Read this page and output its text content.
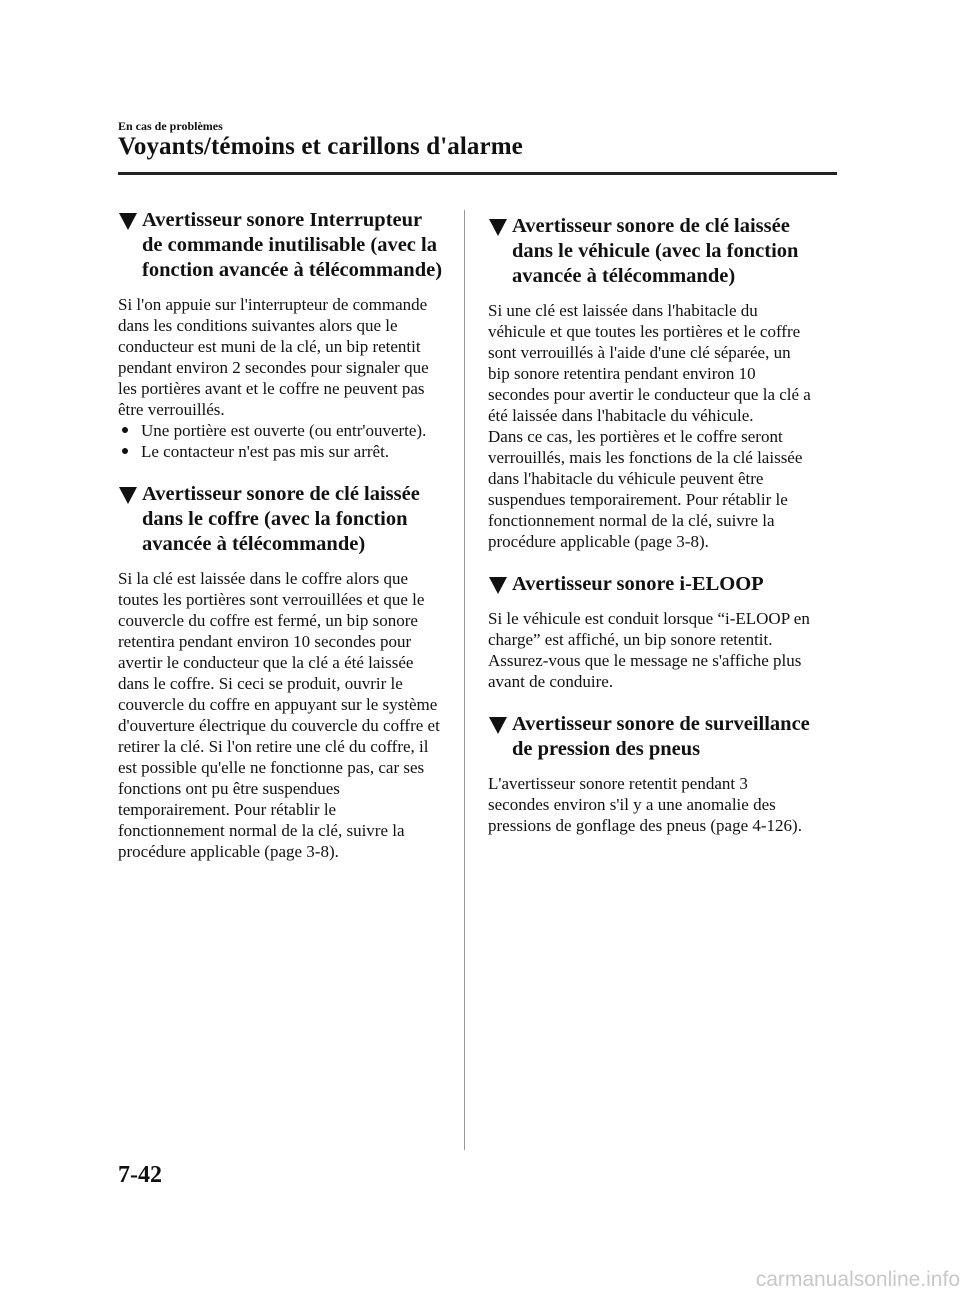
En cas de problèmes
Voyants/témoins et carillons d'alarme
Avertisseur sonore Interrupteur de commande inutilisable (avec la fonction avancée à télécommande)

Si l'on appuie sur l'interrupteur de commande dans les conditions suivantes alors que le conducteur est muni de la clé, un bip retentit pendant environ 2 secondes pour signaler que les portières avant et le coffre ne peuvent pas être verrouillés.

Une portière est ouverte (ou entr'ouverte).
Le contacteur n'est pas mis sur arrêt.
Avertisseur sonore de clé laissée dans le coffre (avec la fonction avancée à télécommande)

Si la clé est laissée dans le coffre alors que toutes les portières sont verrouillées et que le couvercle du coffre est fermé, un bip sonore retentira pendant environ 10 secondes pour avertir le conducteur que la clé a été laissée dans le coffre. Si ceci se produit, ouvrir le couvercle du coffre en appuyant sur le système d'ouverture électrique du couvercle du coffre et retirer la clé. Si l'on retire une clé du coffre, il est possible qu'elle ne fonctionne pas, car ses fonctions ont pu être suspendues temporairement. Pour rétablir le fonctionnement normal de la clé, suivre la procédure applicable (page 3-8).

Avertisseur sonore de clé laissée dans le véhicule (avec la fonction avancée à télécommande)

Si une clé est laissée dans l'habitacle du véhicule et que toutes les portières et le coffre sont verrouillés à l'aide d'une clé séparée, un bip sonore retentira pendant environ 10 secondes pour avertir le conducteur que la clé a été laissée dans l'habitacle du véhicule.

Dans ce cas, les portières et le coffre seront verrouillés, mais les fonctions de la clé laissée dans l'habitacle du véhicule peuvent être suspendues temporairement. Pour rétablir le fonctionnement normal de la clé, suivre la procédure applicable (page 3-8).

Avertisseur sonore i-ELOOP

Si le véhicule est conduit lorsque “i-ELOOP en charge” est affiché, un bip sonore retentit. Assurez-vous que le message ne s'affiche plus avant de conduire.

Avertisseur sonore de surveillance de pression des pneus

L'avertisseur sonore retentit pendant 3 secondes environ s'il y a une anomalie des pressions de gonflage des pneus (page 4-126).

7-42
carmanualsonline.info
